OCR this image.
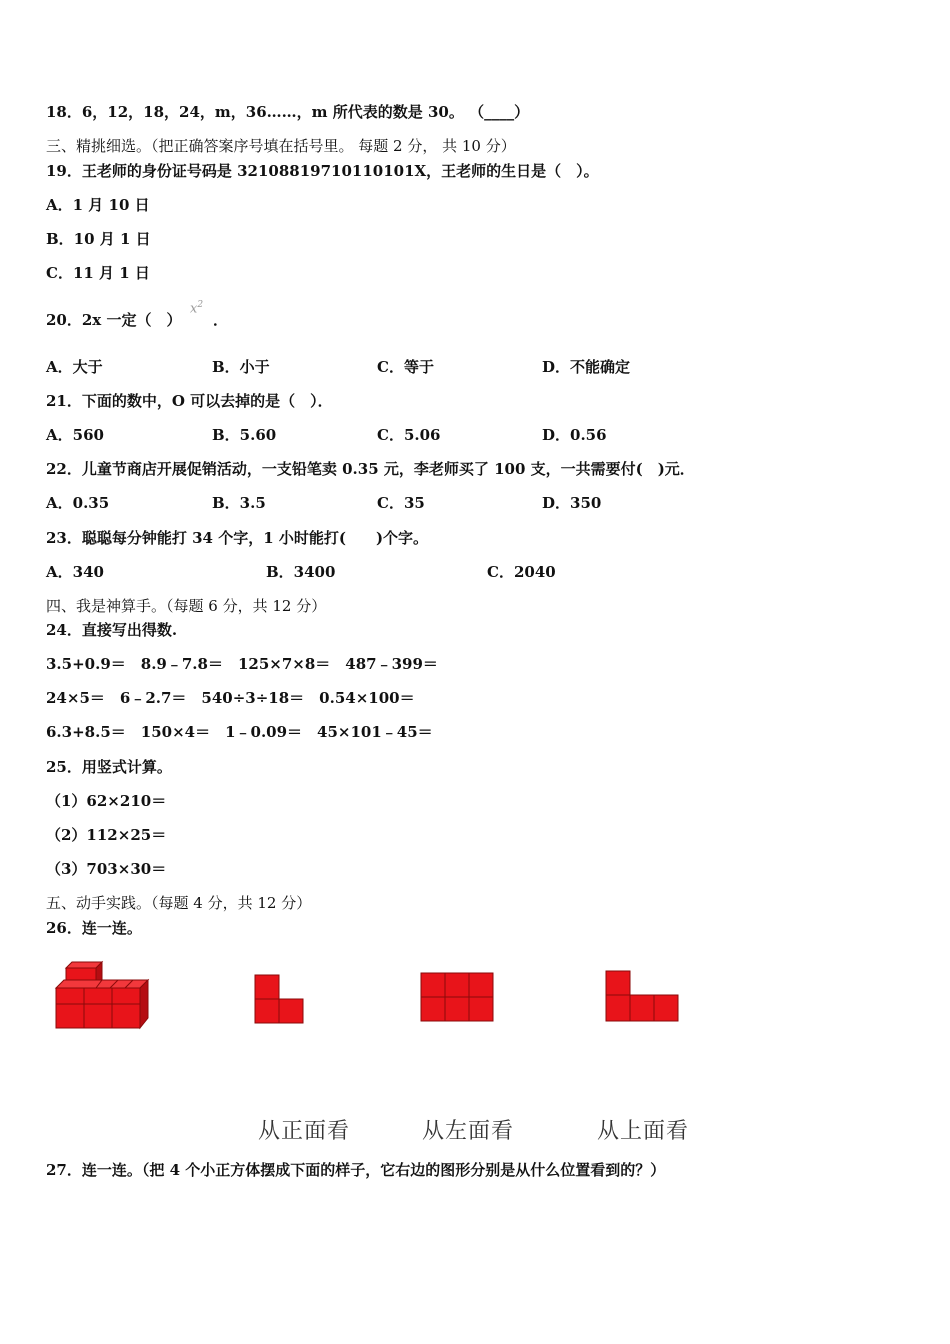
18．6，12，18，24，m，36……，m 所代表的数是 30。 （____）
三、精挑细选。（把正确答案序号填在括号里。 每题 2 分， 共 10 分）
19．王老师的身份证号码是 32108819710110101X，王老师的生日是（　）。
A．1 月 10 日
B．10 月 1 日
C．11 月 1 日
20．2x 一定（　）
$x^2$
．
A．大于	B．小于	C．等于	D．不能确定
21．下面的数中，O 可以去掉的是（　）．
A．560	B．5.60	C．5.06	D．0.56
22．儿童节商店开展促销活动，一支铅笔卖 0.35 元，李老师买了 100 支，一共需要付(　)元．
A．0.35	B．3.5	C．35	D．350
23．聪聪每分钟能打 34 个字，1 小时能打(　　)个字。
A．340	B．3400	C．2040
四、我是神算手。（每题 6 分，共 12 分）
24．直接写出得数.
3.5+0.9＝　8.9﹣7.8＝　125×7×8＝　487﹣399＝
24×5＝　6﹣2.7＝　540÷3÷18＝　0.54×100＝
6.3+8.5＝　150×4＝　1﹣0.09＝　45×101﹣45＝
25．用竖式计算。
（1）62×210＝
（2）112×25＝
（3）703×30＝
五、动手实践。（每题 4 分，共 12 分）
26．连一连。
从正面看	从左面看	从上面看
27．连一连。（把 4 个小正方体摆成下面的样子，它右边的图形分别是从什么位置看到的？）
